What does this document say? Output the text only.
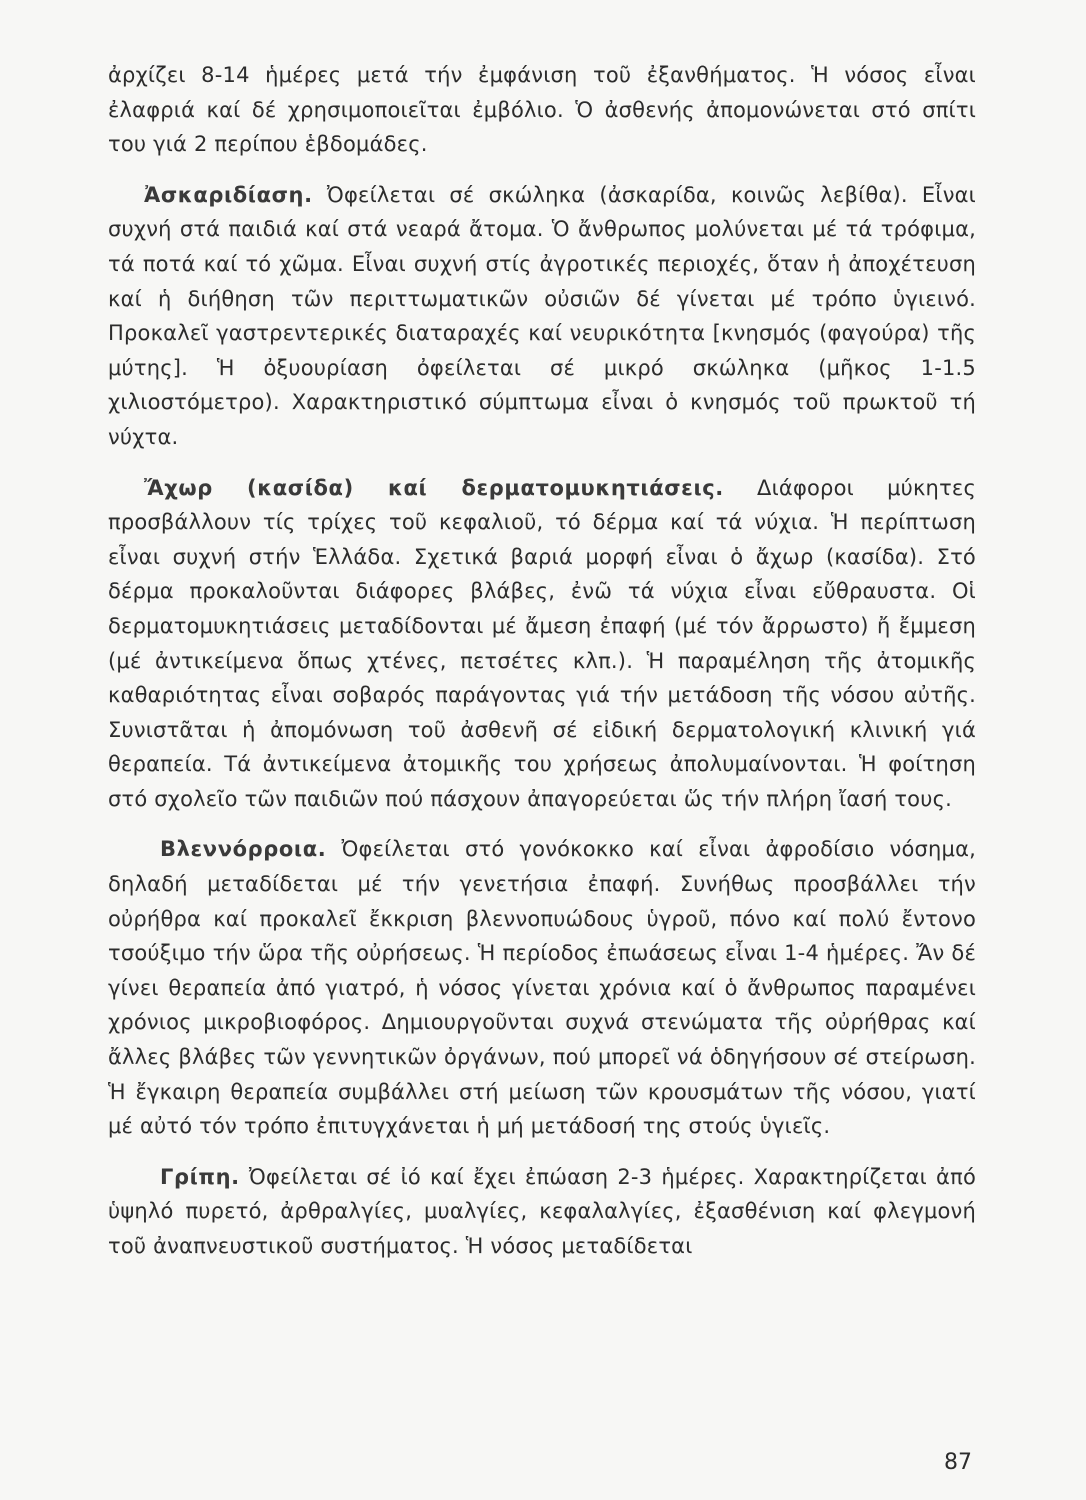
ἀρχίζει 8-14 ἡμέρες μετά τήν ἐμφάνιση τοῦ ἐξανθήματος. Ἡ νόσος εἶναι ἐλαφριά καί δέ χρησιμοποιεῖται ἐμβόλιο. Ὁ ἀσθενής ἀπομονώνεται στό σπίτι του γιά 2 περίπου ἑβδομάδες.

Ἀσκαριδίαση. Ὀφείλεται σέ σκώληκα (ἀσκαρίδα, κοινῶς λεβίθα). Εἶναι συχνή στά παιδιά καί στά νεαρά ἄτομα. Ὁ ἄνθρωπος μολύνεται μέ τά τρόφιμα, τά ποτά καί τό χῶμα. Εἶναι συχνή στίς ἀγροτικές περιοχές, ὅταν ἡ ἀποχέτευση καί ἡ διήθηση τῶν περιττωματικῶν οὐσιῶν δέ γίνεται μέ τρόπο ὑγιεινό. Προκαλεῖ γαστρεντερικές διαταραχές καί νευρικότητα [κνησμός (φαγούρα) τῆς μύτης]. Ἡ ὀξυουρίαση ὀφείλεται σέ μικρό σκώληκα (μῆκος 1-1.5 χιλιοστόμετρο). Χαρακτηριστικό σύμπτωμα εἶναι ὁ κνησμός τοῦ πρωκτοῦ τή νύχτα.

Ἄχωρ (κασίδα) καί δερματομυκητιάσεις. Διάφοροι μύκητες προσβάλλουν τίς τρίχες τοῦ κεφαλιοῦ, τό δέρμα καί τά νύχια. Ἡ περίπτωση εἶναι συχνή στήν Ἑλλάδα. Σχετικά βαριά μορφή εἶναι ὁ ἄχωρ (κασίδα). Στό δέρμα προκαλοῦνται διάφορες βλάβες, ἐνῶ τά νύχια εἶναι εὔθραυστα. Οἱ δερματομυκητιάσεις μεταδίδονται μέ ἄμεση ἐπαφή (μέ τόν ἄρρωστο) ἤ ἔμμεση (μέ ἀντικείμενα ὅπως χτένες, πετσέτες κλπ.). Ἡ παραμέληση τῆς ἀτομικῆς καθαριότητας εἶναι σοβαρός παράγοντας γιά τήν μετάδοση τῆς νόσου αὐτῆς. Συνιστᾶται ἡ ἀπομόνωση τοῦ ἀσθενῆ σέ εἰδική δερματολογική κλινική γιά θεραπεία. Τά ἀντικείμενα ἀτομικῆς του χρήσεως ἀπολυμαίνονται. Ἡ φοίτηση στό σχολεῖο τῶν παιδιῶν πού πάσχουν ἀπαγορεύεται ὥς τήν πλήρη ἴασή τους.

Βλεννόρροια. Ὀφείλεται στό γονόκοκκο καί εἶναι ἀφροδίσιο νόσημα, δηλαδή μεταδίδεται μέ τήν γενετήσια ἐπαφή. Συνήθως προσβάλλει τήν οὐρήθρα καί προκαλεῖ ἔκκριση βλεννοπυώδους ὑγροῦ, πόνο καί πολύ ἔντονο τσούξιμο τήν ὥρα τῆς οὐρήσεως. Ἡ περίοδος ἐπωάσεως εἶναι 1-4 ἡμέρες. Ἄν δέ γίνει θεραπεία ἀπό γιατρό, ἡ νόσος γίνεται χρόνια καί ὁ ἄνθρωπος παραμένει χρόνιος μικροβιοφόρος. Δημιουργοῦνται συχνά στενώματα τῆς οὐρήθρας καί ἄλλες βλάβες τῶν γεννητικῶν ὀργάνων, πού μπορεῖ νά ὁδηγήσουν σέ στείρωση. Ἡ ἔγκαιρη θεραπεία συμβάλλει στή μείωση τῶν κρουσμάτων τῆς νόσου, γιατί μέ αὐτό τόν τρόπο ἐπιτυγχάνεται ἡ μή μετάδοσή της στούς ὑγιεῖς.

Γρίπη. Ὀφείλεται σέ ἰό καί ἔχει ἐπώαση 2-3 ἡμέρες. Χαρακτηρίζεται ἀπό ὑψηλό πυρετό, ἀρθραλγίες, μυαλγίες, κεφαλαλγίες, ἐξασθένιση καί φλεγμονή τοῦ ἀναπνευστικοῦ συστήματος. Ἡ νόσος μεταδίδεται

87
